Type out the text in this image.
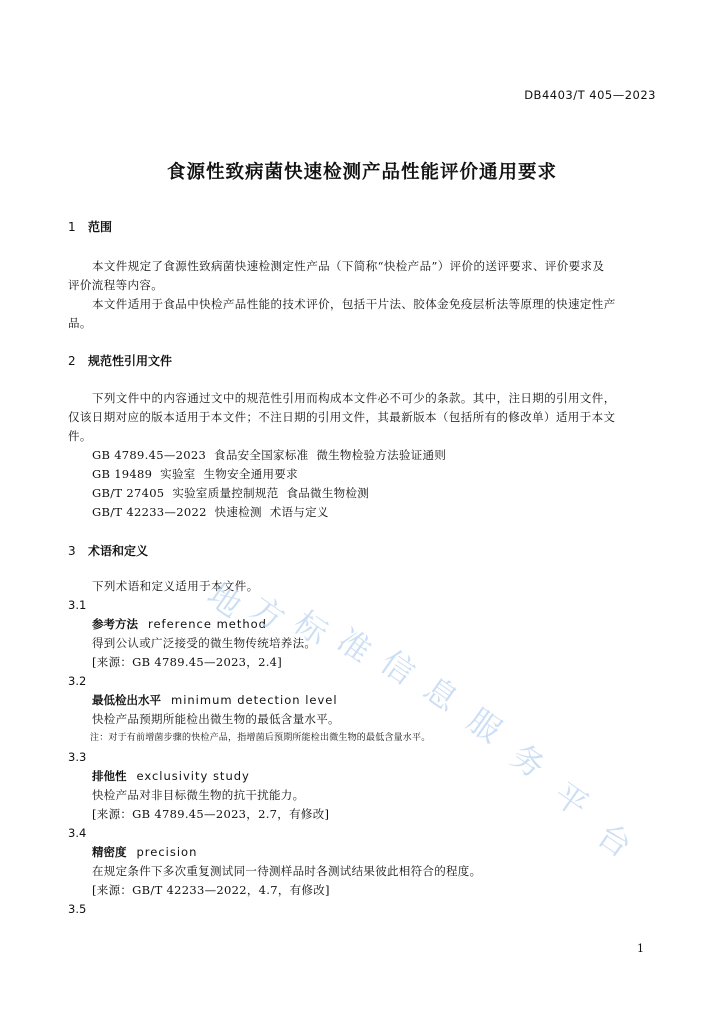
DB4403/T 405—2023
食源性致病菌快速检测产品性能评价通用要求
1 范围
本文件规定了食源性致病菌快速检测定性产品（下简称“快检产品”）评价的送评要求、评价要求及
评价流程等内容。
本文件适用于食品中快检产品性能的技术评价，包括干片法、胶体金免疫层析法等原理的快速定性产
品。
2 规范性引用文件
下列文件中的内容通过文中的规范性引用而构成本文件必不可少的条款。其中，注日期的引用文件，
仅该日期对应的版本适用于本文件；不注日期的引用文件，其最新版本（包括所有的修改单）适用于本文
件。
GB 4789.45—2023  食品安全国家标准  微生物检验方法验证通则
GB 19489  实验室  生物安全通用要求
GB/T 27405  实验室质量控制规范  食品微生物检测
GB/T 42233—2022  快速检测  术语与定义
3 术语和定义
下列术语和定义适用于本文件。
3.1
参考方法 reference method
得到公认或广泛接受的微生物传统培养法。
[来源：GB 4789.45—2023，2.4]
3.2
最低检出水平 minimum detection level
快检产品预期所能检出微生物的最低含量水平。
注：对于有前增菌步骤的快检产品，指增菌后预期所能检出微生物的最低含量水平。
3.3
排他性 exclusivity study
快检产品对非目标微生物的抗干扰能力。
[来源：GB 4789.45—2023，2.7，有修改]
3.4
精密度 precision
在规定条件下多次重复测试同一待测样品时各测试结果彼此相符合的程度。
[来源：GB/T 42233—2022，4.7，有修改]
3.5
地
方
标
准
信
息
服
务
平
台
1
